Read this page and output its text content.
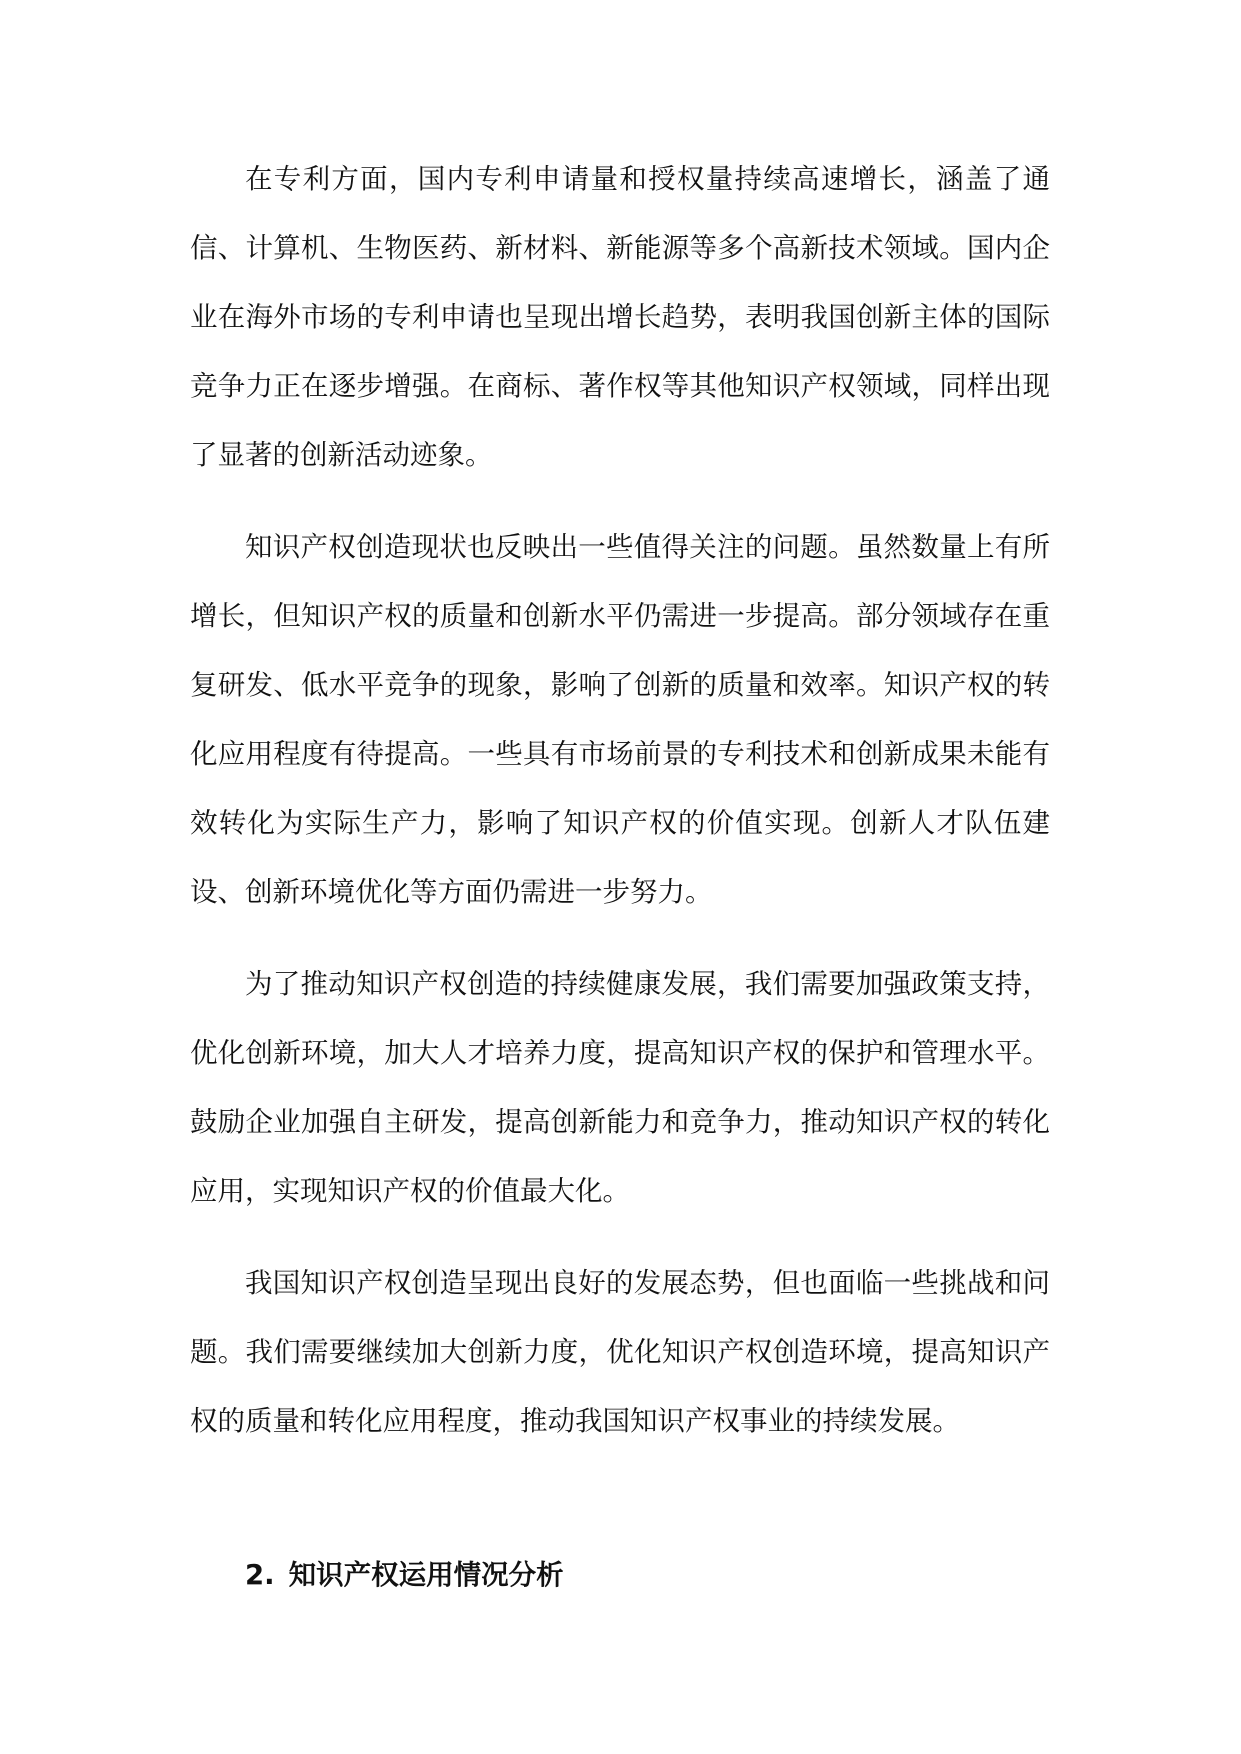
在专利方面，国内专利申请量和授权量持续高速增长，涵盖了通信、计算机、生物医药、新材料、新能源等多个高新技术领域。国内企业在海外市场的专利申请也呈现出增长趋势，表明我国创新主体的国际竞争力正在逐步增强。在商标、著作权等其他知识产权领域，同样出现了显著的创新活动迹象。

知识产权创造现状也反映出一些值得关注的问题。虽然数量上有所增长，但知识产权的质量和创新水平仍需进一步提高。部分领域存在重复研发、低水平竞争的现象，影响了创新的质量和效率。知识产权的转化应用程度有待提高。一些具有市场前景的专利技术和创新成果未能有效转化为实际生产力，影响了知识产权的价值实现。创新人才队伍建设、创新环境优化等方面仍需进一步努力。

为了推动知识产权创造的持续健康发展，我们需要加强政策支持，优化创新环境，加大人才培养力度，提高知识产权的保护和管理水平。鼓励企业加强自主研发，提高创新能力和竞争力，推动知识产权的转化应用，实现知识产权的价值最大化。

我国知识产权创造呈现出良好的发展态势，但也面临一些挑战和问题。我们需要继续加大创新力度，优化知识产权创造环境，提高知识产权的质量和转化应用程度，推动我国知识产权事业的持续发展。

2. 知识产权运用情况分析
